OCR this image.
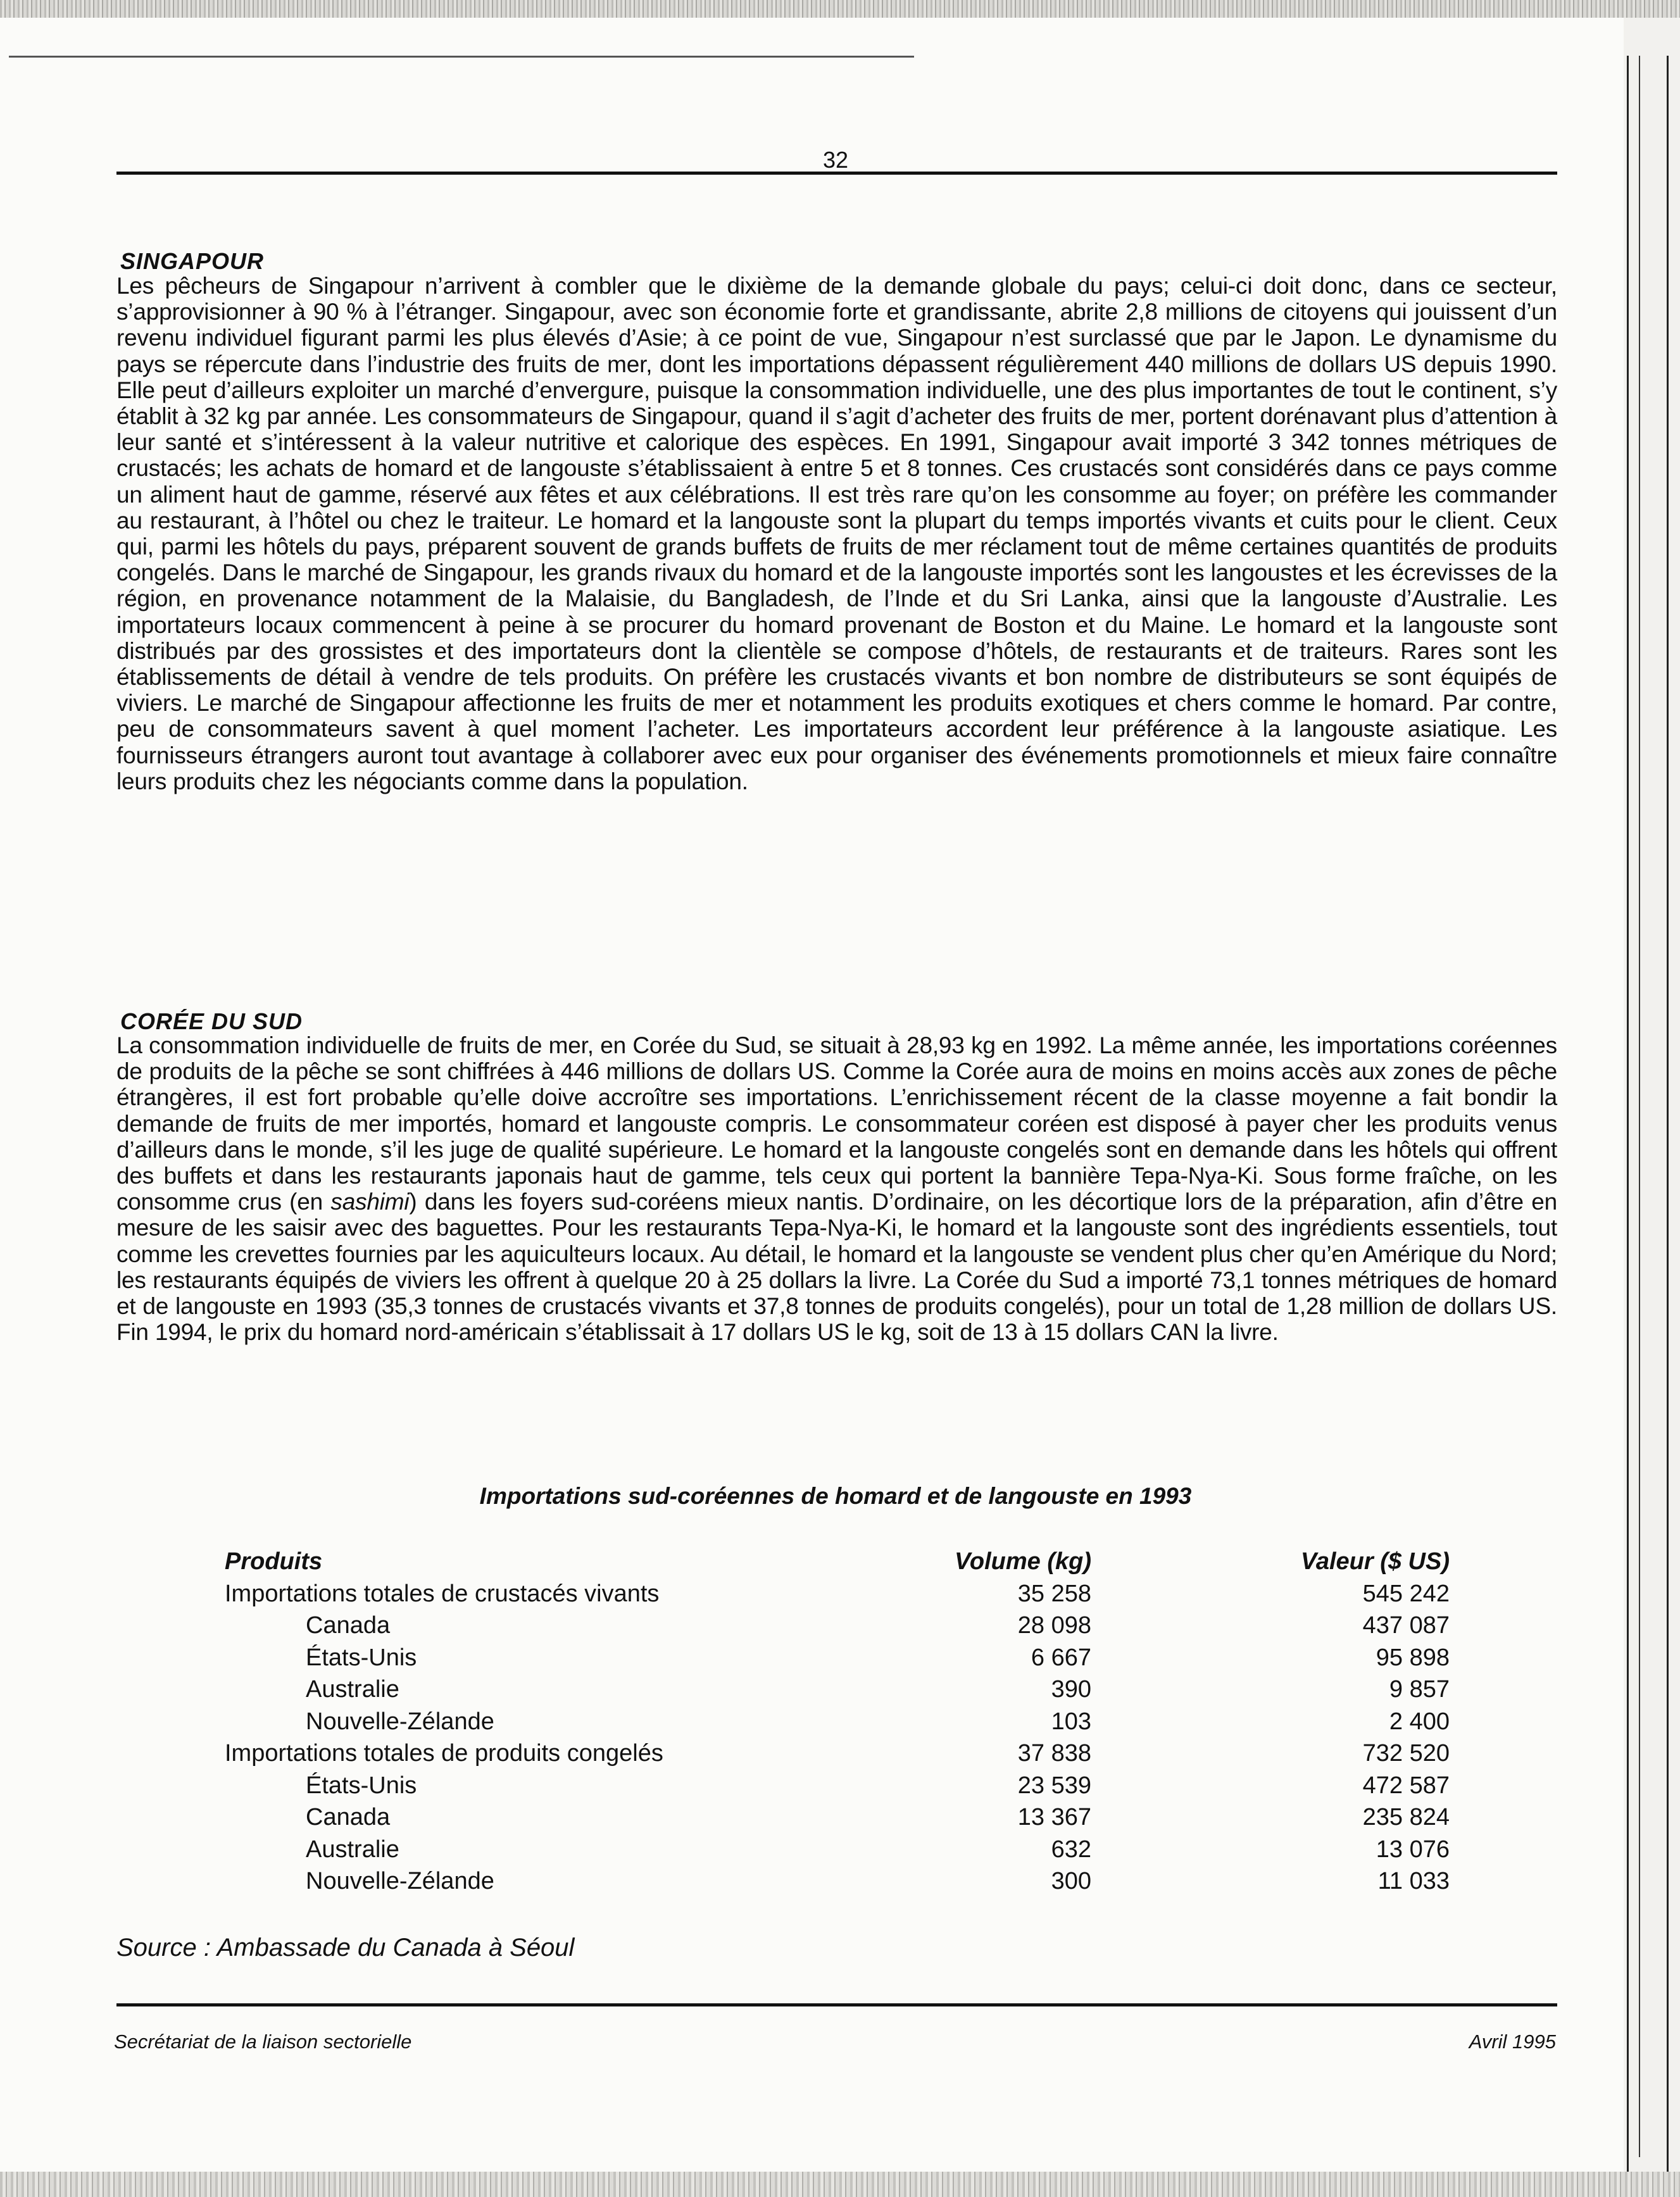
32
SINGAPOUR
Les pêcheurs de Singapour n’arrivent à combler que le dixième de la demande globale du pays; celui-ci doit donc, dans ce secteur, s’approvisionner à 90 % à l’étranger. Singapour, avec son économie forte et grandissante, abrite 2,8 millions de citoyens qui jouissent d’un revenu individuel figurant parmi les plus élevés d’Asie; à ce point de vue, Singapour n’est surclassé que par le Japon. Le dynamisme du pays se répercute dans l’industrie des fruits de mer, dont les importations dépassent régulièrement 440 millions de dollars US depuis 1990. Elle peut d’ailleurs exploiter un marché d’envergure, puisque la consommation individuelle, une des plus importantes de tout le continent, s’y établit à 32 kg par année. Les consommateurs de Singapour, quand il s’agit d’acheter des fruits de mer, portent dorénavant plus d’attention à leur santé et s’intéressent à la valeur nutritive et calorique des espèces. En 1991, Singapour avait importé 3 342 tonnes métriques de crustacés; les achats de homard et de langouste s’établissaient à entre 5 et 8 tonnes. Ces crustacés sont considérés dans ce pays comme un aliment haut de gamme, réservé aux fêtes et aux célébrations. Il est très rare qu’on les consomme au foyer; on préfère les commander au restaurant, à l’hôtel ou chez le traiteur. Le homard et la langouste sont la plupart du temps importés vivants et cuits pour le client. Ceux qui, parmi les hôtels du pays, préparent souvent de grands buffets de fruits de mer réclament tout de même certaines quantités de produits congelés. Dans le marché de Singapour, les grands rivaux du homard et de la langouste importés sont les langoustes et les écrevisses de la région, en provenance notamment de la Malaisie, du Bangladesh, de l’Inde et du Sri Lanka, ainsi que la langouste d’Australie. Les importateurs locaux commencent à peine à se procurer du homard provenant de Boston et du Maine. Le homard et la langouste sont distribués par des grossistes et des importateurs dont la clientèle se compose d’hôtels, de restaurants et de traiteurs. Rares sont les établissements de détail à vendre de tels produits. On préfère les crustacés vivants et bon nombre de distributeurs se sont équipés de viviers. Le marché de Singapour affectionne les fruits de mer et notamment les produits exotiques et chers comme le homard. Par contre, peu de consommateurs savent à quel moment l’acheter. Les importateurs accordent leur préférence à la langouste asiatique. Les fournisseurs étrangers auront tout avantage à collaborer avec eux pour organiser des événements promotionnels et mieux faire connaître leurs produits chez les négociants comme dans la population.
CORÉE DU SUD
La consommation individuelle de fruits de mer, en Corée du Sud, se situait à 28,93 kg en 1992. La même année, les importations coréennes de produits de la pêche se sont chiffrées à 446 millions de dollars US. Comme la Corée aura de moins en moins accès aux zones de pêche étrangères, il est fort probable qu’elle doive accroître ses importations. L’enrichissement récent de la classe moyenne a fait bondir la demande de fruits de mer importés, homard et langouste compris. Le consommateur coréen est disposé à payer cher les produits venus d’ailleurs dans le monde, s’il les juge de qualité supérieure. Le homard et la langouste congelés sont en demande dans les hôtels qui offrent des buffets et dans les restaurants japonais haut de gamme, tels ceux qui portent la bannière Tepa-Nya-Ki. Sous forme fraîche, on les consomme crus (en sashimi) dans les foyers sud-coréens mieux nantis. D’ordinaire, on les décortique lors de la préparation, afin d’être en mesure de les saisir avec des baguettes. Pour les restaurants Tepa-Nya-Ki, le homard et la langouste sont des ingrédients essentiels, tout comme les crevettes fournies par les aquiculteurs locaux. Au détail, le homard et la langouste se vendent plus cher qu’en Amérique du Nord; les restaurants équipés de viviers les offrent à quelque 20 à 25 dollars la livre. La Corée du Sud a importé 73,1 tonnes métriques de homard et de langouste en 1993 (35,3 tonnes de crustacés vivants et 37,8 tonnes de produits congelés), pour un total de 1,28 million de dollars US. Fin 1994, le prix du homard nord-américain s’établissait à 17 dollars US le kg, soit de 13 à 15 dollars CAN la livre.
Importations sud-coréennes de homard et de langouste en 1993
Produits	Volume (kg)	Valeur ($ US)
Importations totales de crustacés vivants	35 258	545 242
Canada	28 098	437 087
États-Unis	6 667	95 898
Australie	390	9 857
Nouvelle-Zélande	103	2 400
Importations totales de produits congelés	37 838	732 520
États-Unis	23 539	472 587
Canada	13 367	235 824
Australie	632	13 076
Nouvelle-Zélande	300	11 033
Source : Ambassade du Canada à Séoul
Secrétariat de la liaison sectorielle	Avril 1995
